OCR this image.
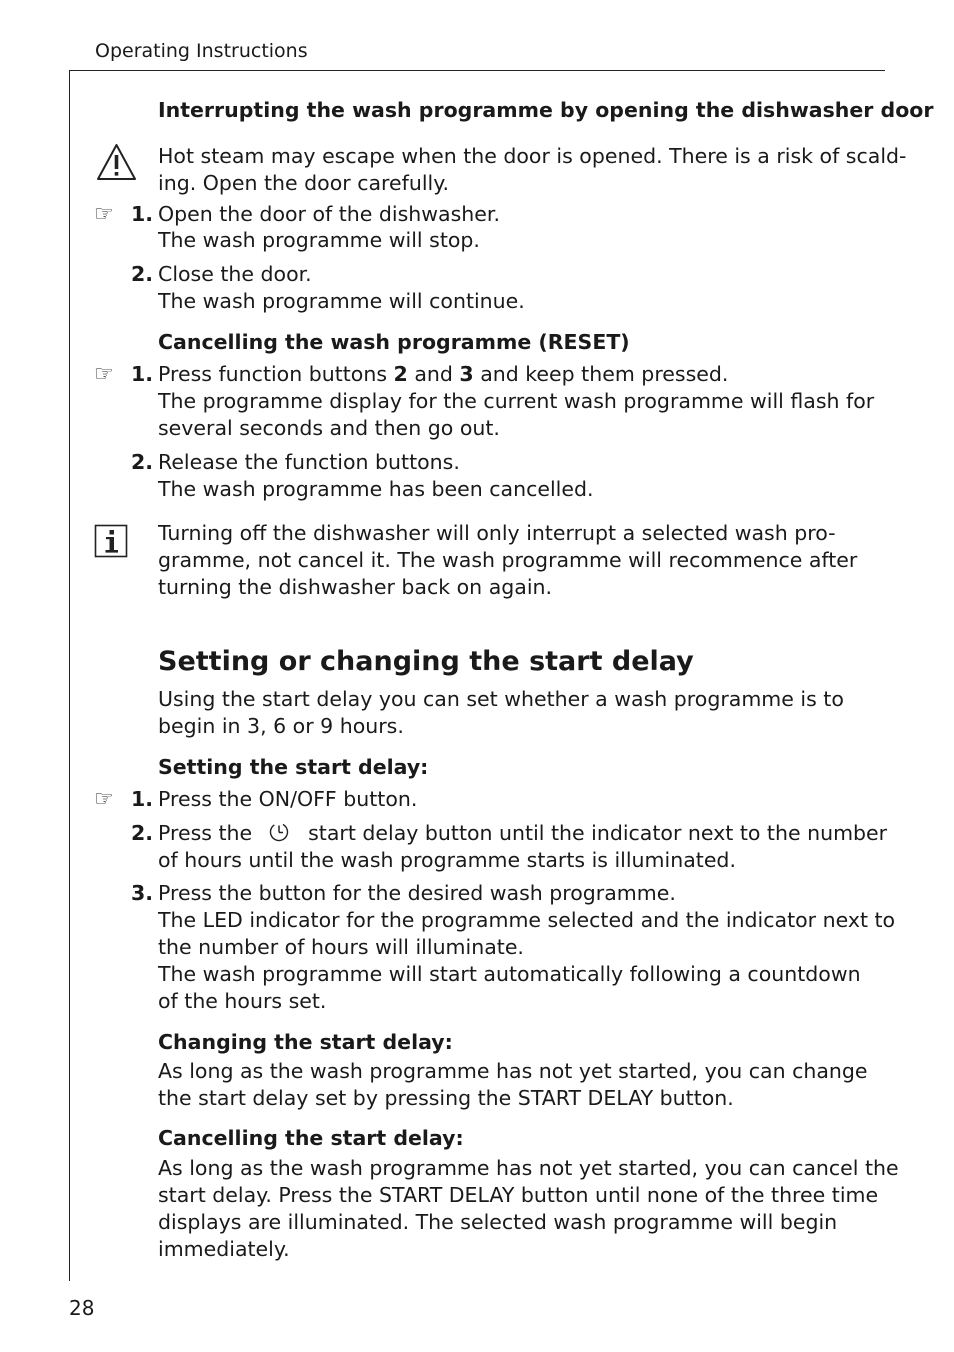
Operating Instructions
Interrupting the wash programme by opening the dishwasher door
Hot steam may escape when the door is opened. There is a risk of scald-
ing. Open the door carefully.
☞ 1. Open the door of the dishwasher.
The wash programme will stop.
2. Close the door.
The wash programme will continue.
Cancelling the wash programme (RESET)
☞ 1. Press function buttons 2 and 3 and keep them pressed.
The programme display for the current wash programme will flash for
several seconds and then go out.
2. Release the function buttons.
The wash programme has been cancelled.
Turning off the dishwasher will only interrupt a selected wash pro-
gramme, not cancel it. The wash programme will recommence after
turning the dishwasher back on again.
Setting or changing the start delay
Using the start delay you can set whether a wash programme is to
begin in 3, 6 or 9 hours.
Setting the start delay:
☞ 1. Press the ON/OFF button.
2. Press the	start delay button until the indicator next to the number
of hours until the wash programme starts is illuminated.
3. Press the button for the desired wash programme.
The LED indicator for the programme selected and the indicator next to
the number of hours will illuminate.
The wash programme will start automatically following a countdown
of the hours set.
Changing the start delay:
As long as the wash programme has not yet started, you can change
the start delay set by pressing the START DELAY button.
Cancelling the start delay:
As long as the wash programme has not yet started, you can cancel the
start delay. Press the START DELAY button until none of the three time
displays are illuminated. The selected wash programme will begin
immediately.
28
